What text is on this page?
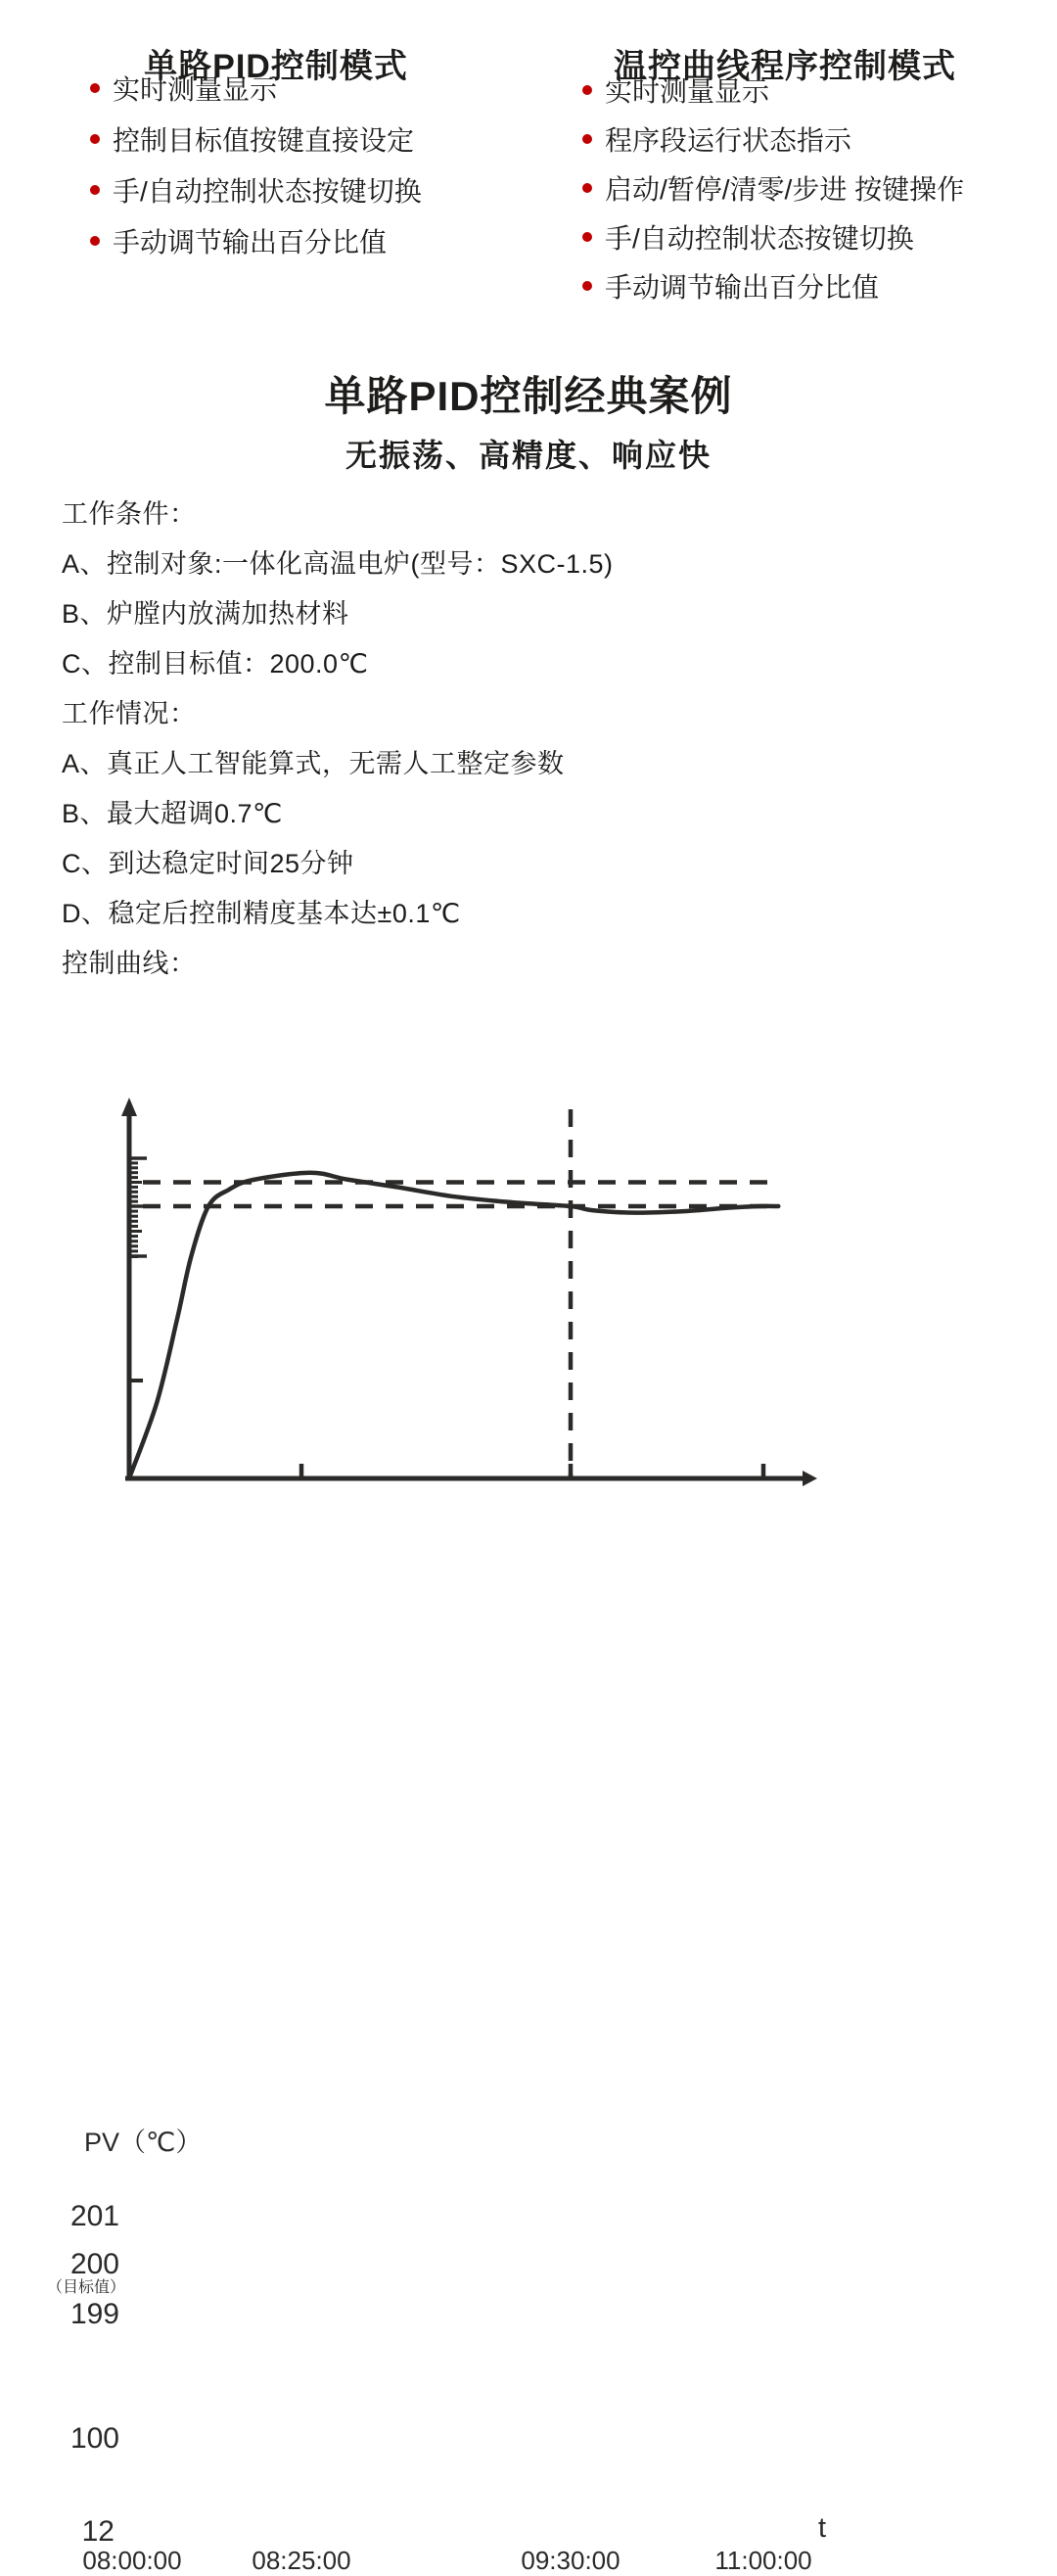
单路PID控制模式	温控曲线程序控制模式
实时测量显示
控制目标值按键直接设定
手/自动控制状态按键切换
手动调节输出百分比值
实时测量显示
程序段运行状态指示
启动/暂停/清零/步进 按键操作
手/自动控制状态按键切换
手动调节输出百分比值
单路PID控制经典案例
无振荡、高精度、响应快

工作条件：

A、控制对象:一体化高温电炉(型号：SXC-1.5)

B、炉膛内放满加热材料

C、控制目标值：200.0℃

工作情况：

A、真正人工智能算式，无需人工整定参数

B、最大超调0.7℃

C、到达稳定时间25分钟

D、稳定后控制精度基本达±0.1℃

控制曲线：

PV（℃）
201
200
199
100
12
（目标值）
08:00:00	08:25:00	09:30:00	11:00:00
t
